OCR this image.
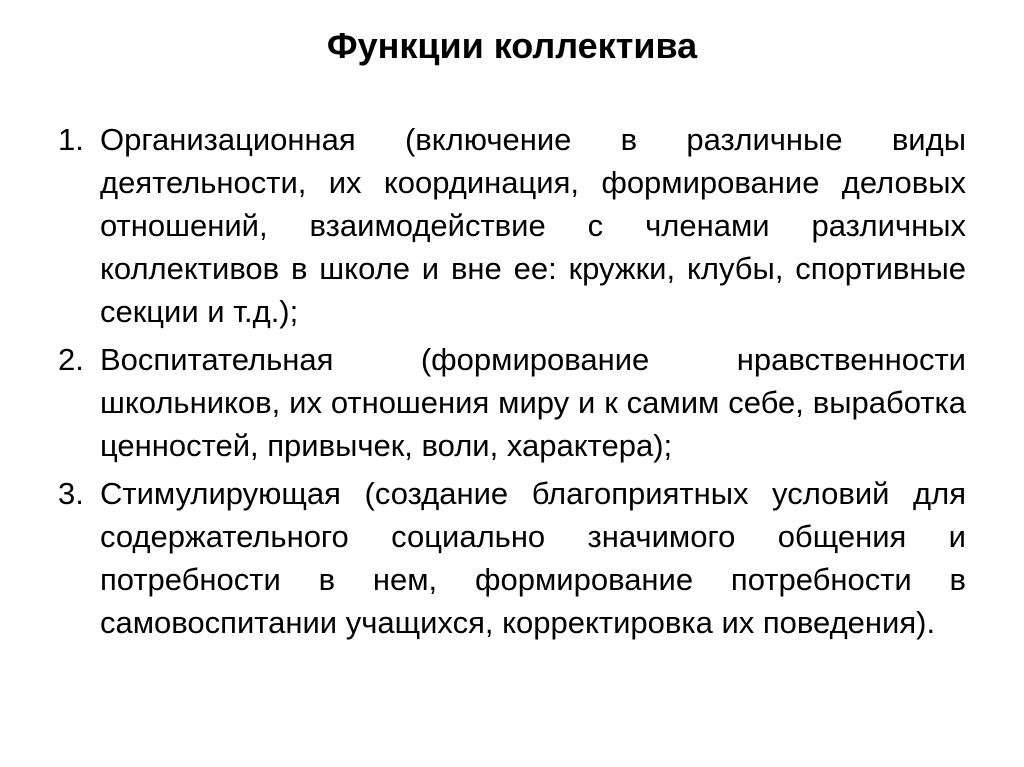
Функции коллектива
1. Организационная (включение в различные виды деятельности, их координация, формирование деловых отношений, взаимодействие с членами различных коллективов в школе и вне ее: кружки, клубы, спортивные секции и т.д.);
2. Воспитательная (формирование нравственности школьников, их отношения миру и к самим себе, выработка ценностей, привычек, воли, характера);
3. Стимулирующая (создание благоприятных условий для содержательного социально значимого общения и потребности в нем, формирование потребности в самовоспитании учащихся, корректировка их поведения).
